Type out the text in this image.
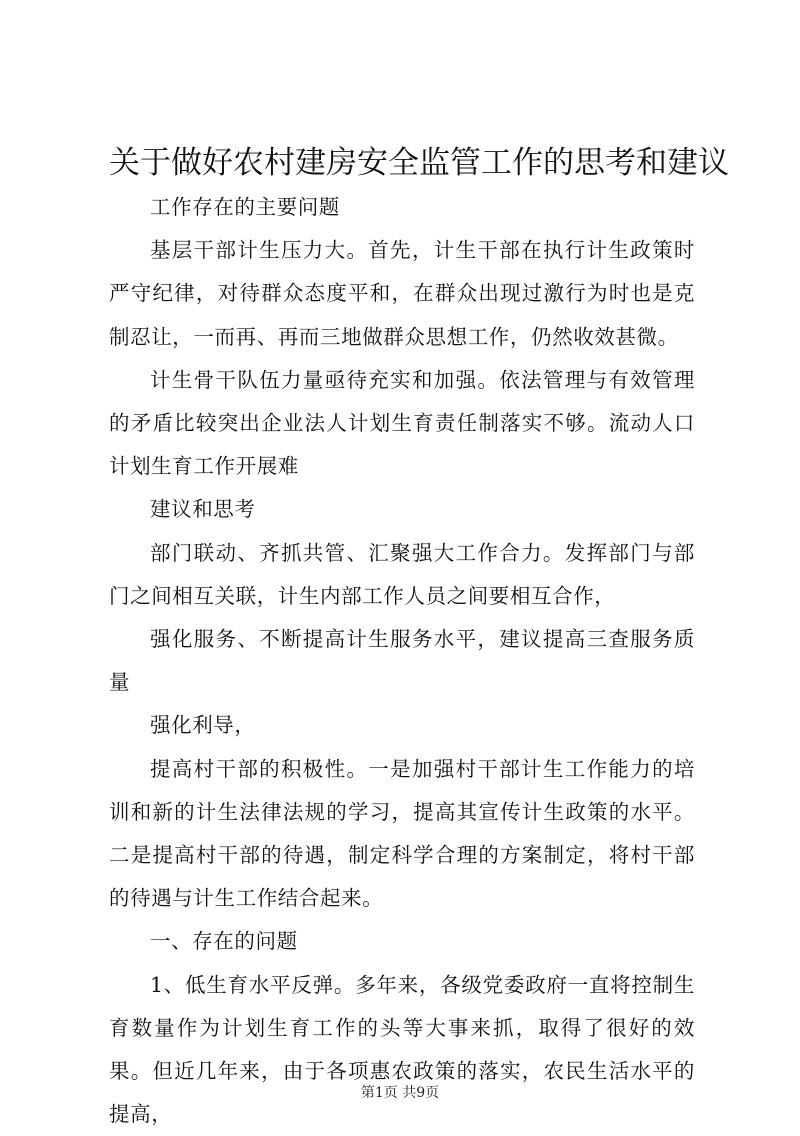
关于做好农村建房安全监管工作的思考和建议

工作存在的主要问题

基层干部计生压力大。首先，计生干部在执行计生政策时严守纪律，对待群众态度平和，在群众出现过激行为时也是克制忍让，一而再、再而三地做群众思想工作，仍然收效甚微。

计生骨干队伍力量亟待充实和加强。依法管理与有效管理的矛盾比较突出企业法人计划生育责任制落实不够。流动人口计划生育工作开展难

建议和思考

部门联动、齐抓共管、汇聚强大工作合力。发挥部门与部门之间相互关联，计生内部工作人员之间要相互合作，

强化服务、不断提高计生服务水平，建议提高三查服务质量

强化利导，

提高村干部的积极性。一是加强村干部计生工作能力的培训和新的计生法律法规的学习，提高其宣传计生政策的水平。二是提高村干部的待遇，制定科学合理的方案制定，将村干部的待遇与计生工作结合起来。

一、存在的问题

1、低生育水平反弹。多年来，各级党委政府一直将控制生育数量作为计划生育工作的头等大事来抓，取得了很好的效果。但近几年来，由于各项惠农政策的落实，农民生活水平的提高，

第1页 共9页
